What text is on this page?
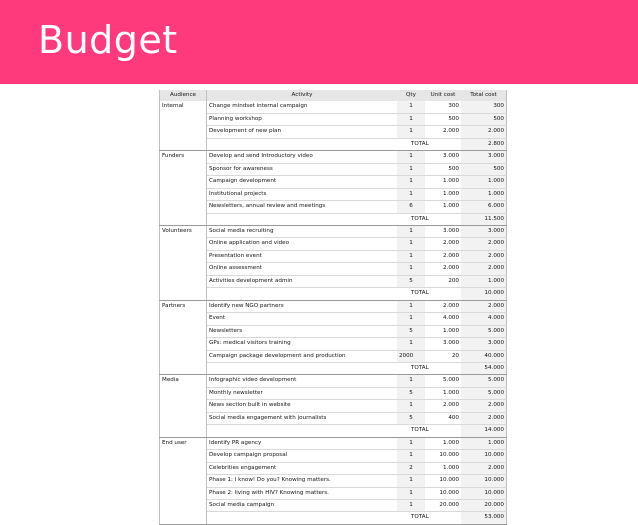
Budget
Audience	Activity	Qty	Unit cost	Total cost
Internal	Change mindset internal campaign	1	300	300
	Planning workshop	1	500	500
	Development of new plan	1	2.000	2.000
		TOTAL		2.800
Funders	Develop and send Introductory video	1	3.000	3.000
	Sponsor for awareness	1	500	500
	Campaign development	1	1.000	1.000
	Institutional projects	1	1.000	1.000
	Newsletters, annual review and meetings	6	1.000	6.000
		TOTAL		11.500
Volunteers	Social media recruiting	1	3.000	3.000
	Online application and video	1	2.000	2.000
	Presentation event	1	2.000	2.000
	Online assessment	1	2.000	2.000
	Activities development admin	5	200	1.000
		TOTAL		10.000
Partners	Identify new NGO partners	1	2.000	2.000
	Event	1	4.000	4.000
	Newsletters	5	1.000	5.000
	GPs: medical visitors training	1	3.000	3.000
	Campaign package development and production	2000	20	40.000
		TOTAL		54.000
Media	Infographic video development	1	5.000	5.000
	Monthly newsletter	5	1.000	5.000
	News section built in website	1	2.000	2.000
	Social media engagement with journalists	5	400	2.000
		TOTAL		14.000
End user	Identify PR agency	1	1.000	1.000
	Develop campaign proposal	1	10.000	10.000
	Celebrities engagement	2	1.000	2.000
	Phase 1: I know! Do you? Knowing matters.	1	10.000	10.000
	Phase 2: living with HIV? Knowing matters.	1	10.000	10.000
	Social media campaign	1	20.000	20.000
		TOTAL		53.000
